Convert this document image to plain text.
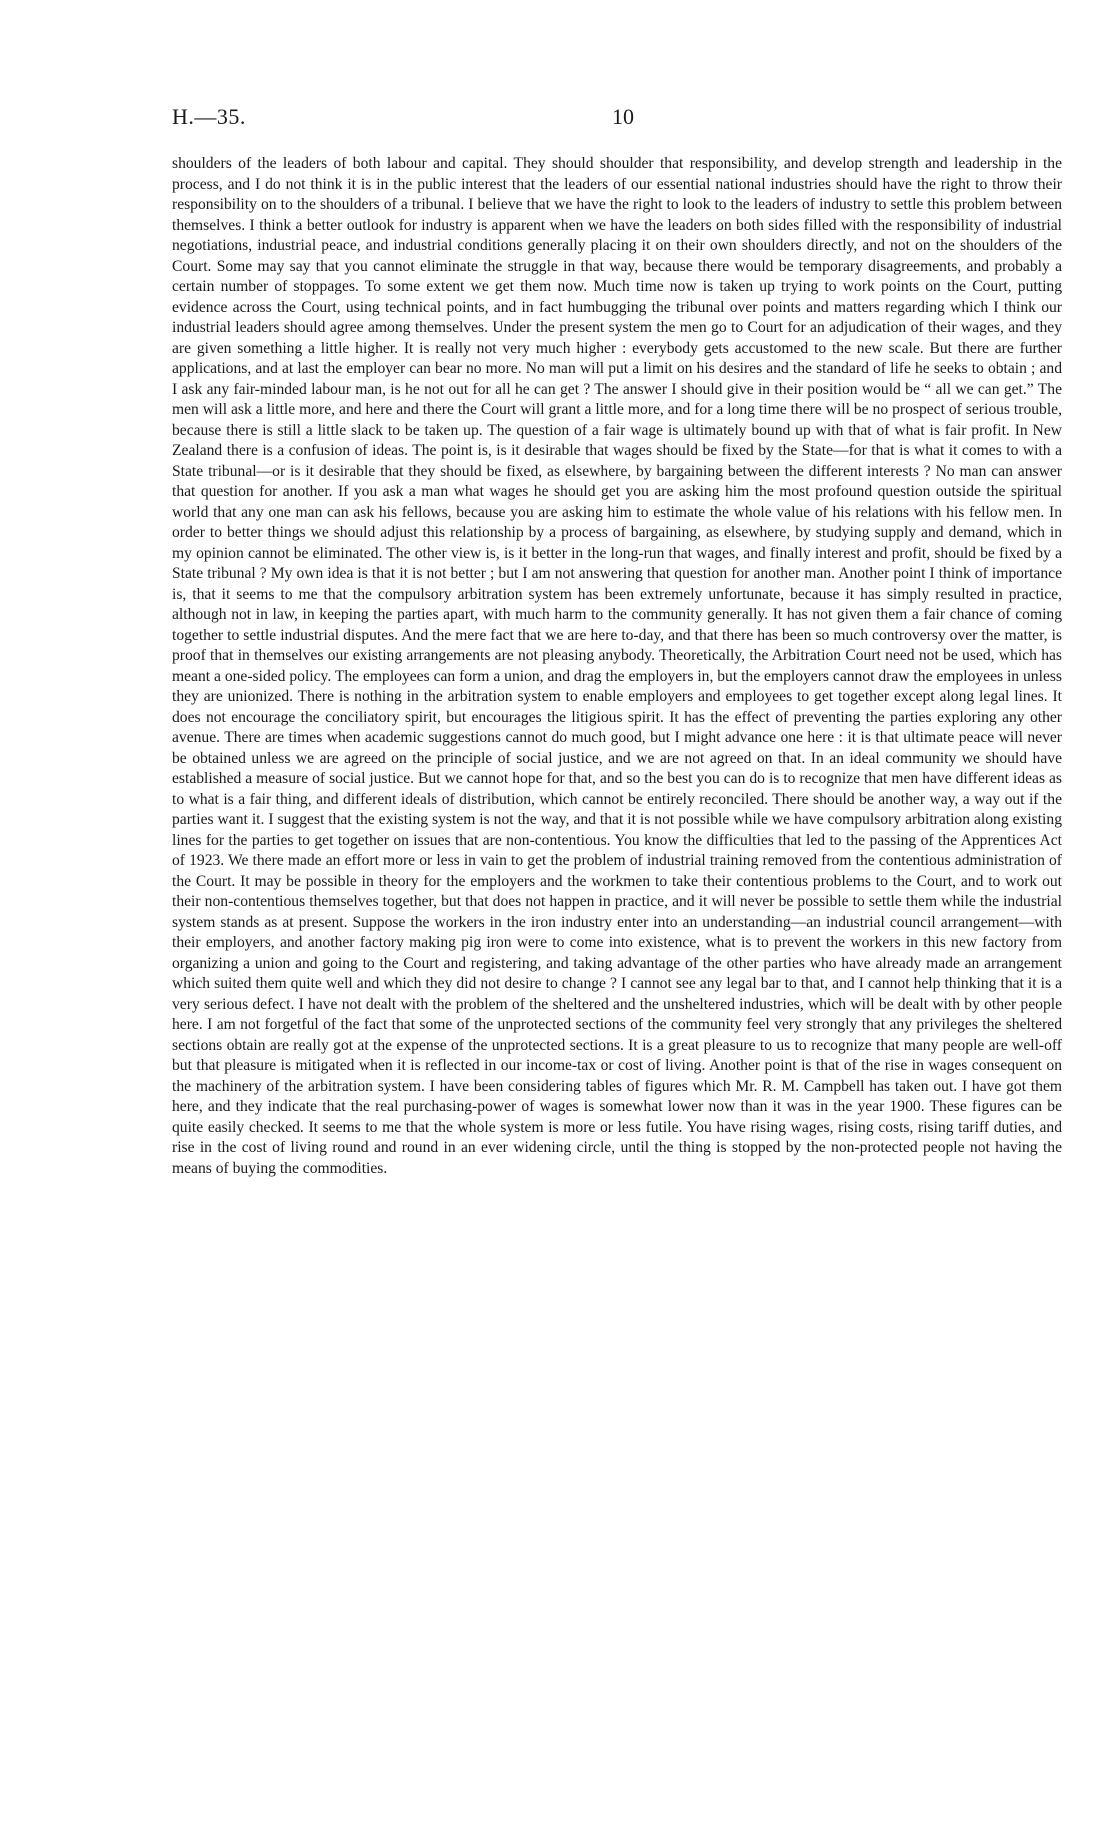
H.—35.	10

shoulders of the leaders of both labour and capital. They should shoulder that responsibility, and develop strength and leadership in the process, and I do not think it is in the public interest that the leaders of our essential national industries should have the right to throw their responsibility on to the shoulders of a tribunal. I believe that we have the right to look to the leaders of industry to settle this problem between themselves. I think a better outlook for industry is apparent when we have the leaders on both sides filled with the responsibility of industrial negotiations, industrial peace, and industrial conditions generally placing it on their own shoulders directly, and not on the shoulders of the Court. Some may say that you cannot eliminate the struggle in that way, because there would be temporary disagreements, and probably a certain number of stoppages. To some extent we get them now. Much time now is taken up trying to work points on the Court, putting evidence across the Court, using technical points, and in fact humbugging the tribunal over points and matters regarding which I think our industrial leaders should agree among themselves. Under the present system the men go to Court for an adjudication of their wages, and they are given something a little higher. It is really not very much higher : everybody gets accustomed to the new scale. But there are further applications, and at last the employer can bear no more. No man will put a limit on his desires and the standard of life he seeks to obtain ; and I ask any fair-minded labour man, is he not out for all he can get ? The answer I should give in their position would be “ all we can get.” The men will ask a little more, and here and there the Court will grant a little more, and for a long time there will be no prospect of serious trouble, because there is still a little slack to be taken up. The question of a fair wage is ultimately bound up with that of what is fair profit. In New Zealand there is a confusion of ideas. The point is, is it desirable that wages should be fixed by the State—for that is what it comes to with a State tribunal—or is it desirable that they should be fixed, as elsewhere, by bargaining between the different interests ? No man can answer that question for another. If you ask a man what wages he should get you are asking him the most profound question outside the spiritual world that any one man can ask his fellows, because you are asking him to estimate the whole value of his relations with his fellow men. In order to better things we should adjust this relationship by a process of bargaining, as elsewhere, by studying supply and demand, which in my opinion cannot be eliminated. The other view is, is it better in the long-run that wages, and finally interest and profit, should be fixed by a State tribunal ? My own idea is that it is not better ; but I am not answering that question for another man. Another point I think of importance is, that it seems to me that the compulsory arbitration system has been extremely unfortunate, because it has simply resulted in practice, although not in law, in keeping the parties apart, with much harm to the community generally. It has not given them a fair chance of coming together to settle industrial disputes. And the mere fact that we are here to-day, and that there has been so much controversy over the matter, is proof that in themselves our existing arrangements are not pleasing anybody. Theoretically, the Arbitration Court need not be used, which has meant a one-sided policy. The employees can form a union, and drag the employers in, but the employers cannot draw the employees in unless they are unionized. There is nothing in the arbitration system to enable employers and employees to get together except along legal lines. It does not encourage the conciliatory spirit, but encourages the litigious spirit. It has the effect of preventing the parties exploring any other avenue. There are times when academic suggestions cannot do much good, but I might advance one here : it is that ultimate peace will never be obtained unless we are agreed on the principle of social justice, and we are not agreed on that. In an ideal community we should have established a measure of social justice. But we cannot hope for that, and so the best you can do is to recognize that men have different ideas as to what is a fair thing, and different ideals of distribution, which cannot be entirely reconciled. There should be another way, a way out if the parties want it. I suggest that the existing system is not the way, and that it is not possible while we have compulsory arbitration along existing lines for the parties to get together on issues that are non-contentious. You know the difficulties that led to the passing of the Apprentices Act of 1923. We there made an effort more or less in vain to get the problem of industrial training removed from the contentious administration of the Court. It may be possible in theory for the employers and the workmen to take their contentious problems to the Court, and to work out their non-contentious themselves together, but that does not happen in practice, and it will never be possible to settle them while the industrial system stands as at present. Suppose the workers in the iron industry enter into an understanding—an industrial council arrangement—with their employers, and another factory making pig iron were to come into existence, what is to prevent the workers in this new factory from organizing a union and going to the Court and registering, and taking advantage of the other parties who have already made an arrangement which suited them quite well and which they did not desire to change ? I cannot see any legal bar to that, and I cannot help thinking that it is a very serious defect. I have not dealt with the problem of the sheltered and the unsheltered industries, which will be dealt with by other people here. I am not forgetful of the fact that some of the unprotected sections of the community feel very strongly that any privileges the sheltered sections obtain are really got at the expense of the unprotected sections. It is a great pleasure to us to recognize that many people are well-off but that pleasure is mitigated when it is reflected in our income-tax or cost of living. Another point is that of the rise in wages consequent on the machinery of the arbitration system. I have been considering tables of figures which Mr. R. M. Campbell has taken out. I have got them here, and they indicate that the real purchasing-power of wages is somewhat lower now than it was in the year 1900. These figures can be quite easily checked. It seems to me that the whole system is more or less futile. You have rising wages, rising costs, rising tariff duties, and rise in the cost of living round and round in an ever widening circle, until the thing is stopped by the non-protected people not having the means of buying the commodities.
